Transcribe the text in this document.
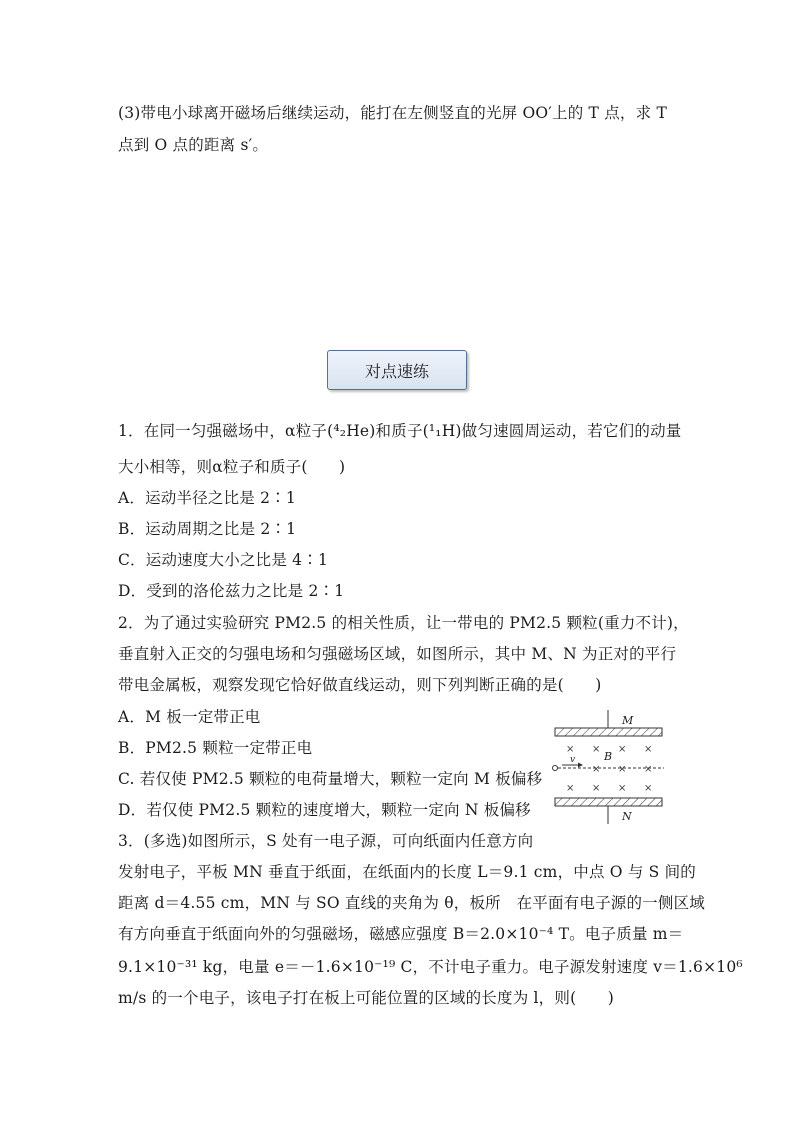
(3)带电小球离开磁场后继续运动，能打在左侧竖直的光屏 OO′上的 T 点，求 T
点到 O 点的距离 s′。
对点速练
1．在同一匀强磁场中，α粒子(⁴₂He)和质子(¹₁H)做匀速圆周运动，若它们的动量
大小相等，则α粒子和质子(　　)
A．运动半径之比是 2∶1
B．运动周期之比是 2∶1
C．运动速度大小之比是 4∶1
D．受到的洛伦兹力之比是 2∶1
2．为了通过实验研究 PM2.5 的相关性质，让一带电的 PM2.5 颗粒(重力不计)，
垂直射入正交的匀强电场和匀强磁场区域，如图所示，其中 M、N 为正对的平行
带电金属板，观察发现它恰好做直线运动，则下列判断正确的是(　　)
A．M 板一定带正电
B．PM2.5 颗粒一定带正电
C. 若仅使 PM2.5 颗粒的电荷量增大，颗粒一定向 M 板偏移
D．若仅使 PM2.5 颗粒的速度增大，颗粒一定向 N 板偏移
M
× × × ×
× × ×
× × × ×
B
v
N
3．(多选)如图所示，S 处有一电子源，可向纸面内任意方向
发射电子，平板 MN 垂直于纸面，在纸面内的长度 L＝9.1 cm，中点 O 与 S 间的
距离 d＝4.55 cm，MN 与 SO 直线的夹角为 θ，板所　在平面有电子源的一侧区域
有方向垂直于纸面向外的匀强磁场，磁感应强度 B＝2.0×10⁻⁴ T。电子质量 m＝
9.1×10⁻³¹ kg，电量 e＝－1.6×10⁻¹⁹ C，不计电子重力。电子源发射速度 v＝1.6×10⁶
m/s 的一个电子，该电子打在板上可能位置的区域的长度为 l，则(　　)
